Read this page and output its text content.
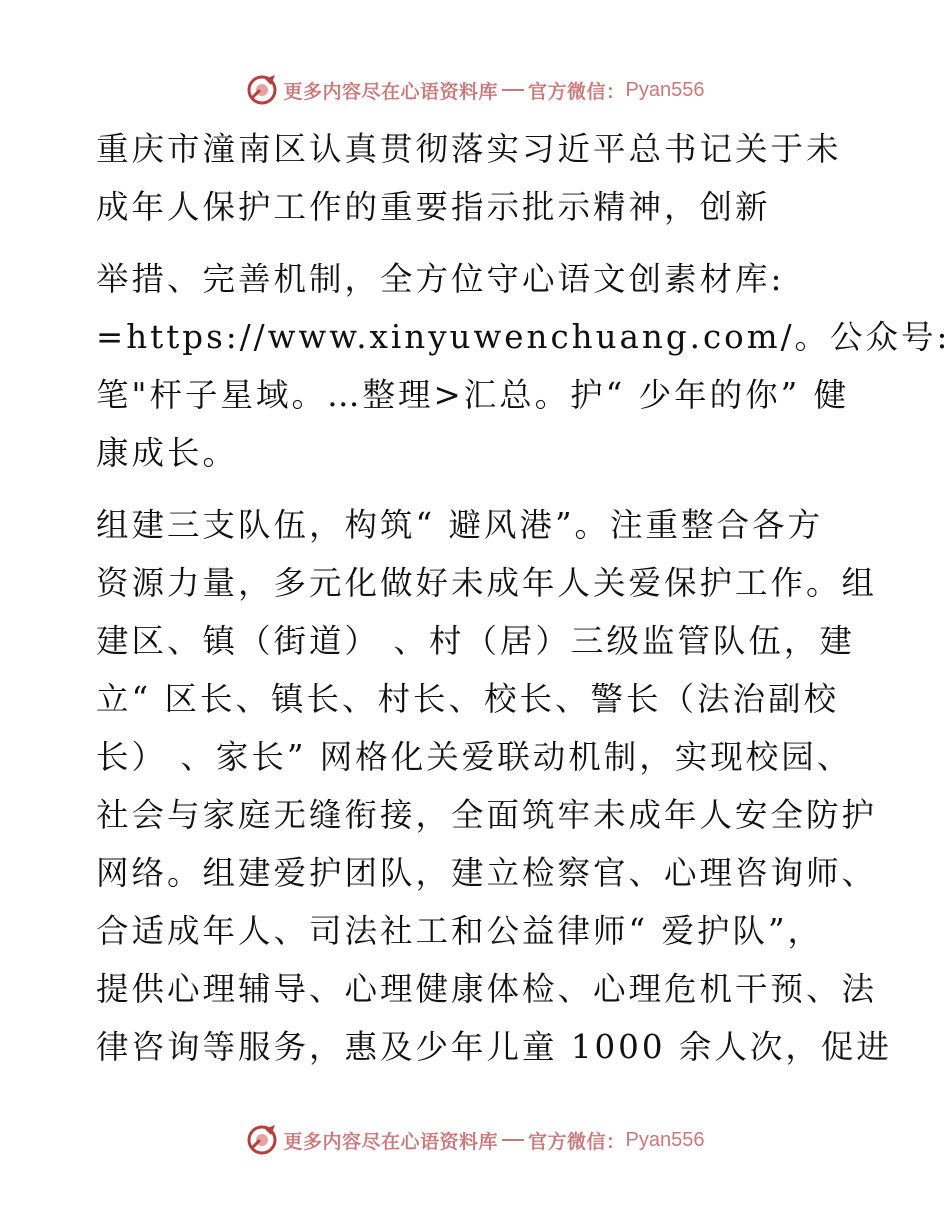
更多内容尽在心语资料库 官方微信 ： Pyan556
重庆市潼南区认真贯彻落实习近平总书记关于未
成年人保护工作的重要指示批示精神，创新
举措、完善机制，全方位守心语文创素材库:
=https://www.xinyuwenchuang.com/。公众号:
笔"杆子星域。…整理>汇总。护“ 少年的你” 健
康成长。
组建三支队伍，构筑“ 避风港”。注重整合各方
资源力量，多元化做好未成年人关爱保护工作。组
建区、镇（街道） 、村（居）三级监管队伍，建
立“ 区长、镇长、村长、校长、警长（法治副校
长） 、家长” 网格化关爱联动机制，实现校园、
社会与家庭无缝衔接，全面筑牢未成年人安全防护
网络。组建爱护团队，建立检察官、心理咨询师、
合适成年人、司法社工和公益律师“ 爱护队”，
提供心理辅导、心理健康体检、心理危机干预、法
律咨询等服务，惠及少年儿童 1000 余人次，促进
更多内容尽在心语资料库 官方微信 ： Pyan556
